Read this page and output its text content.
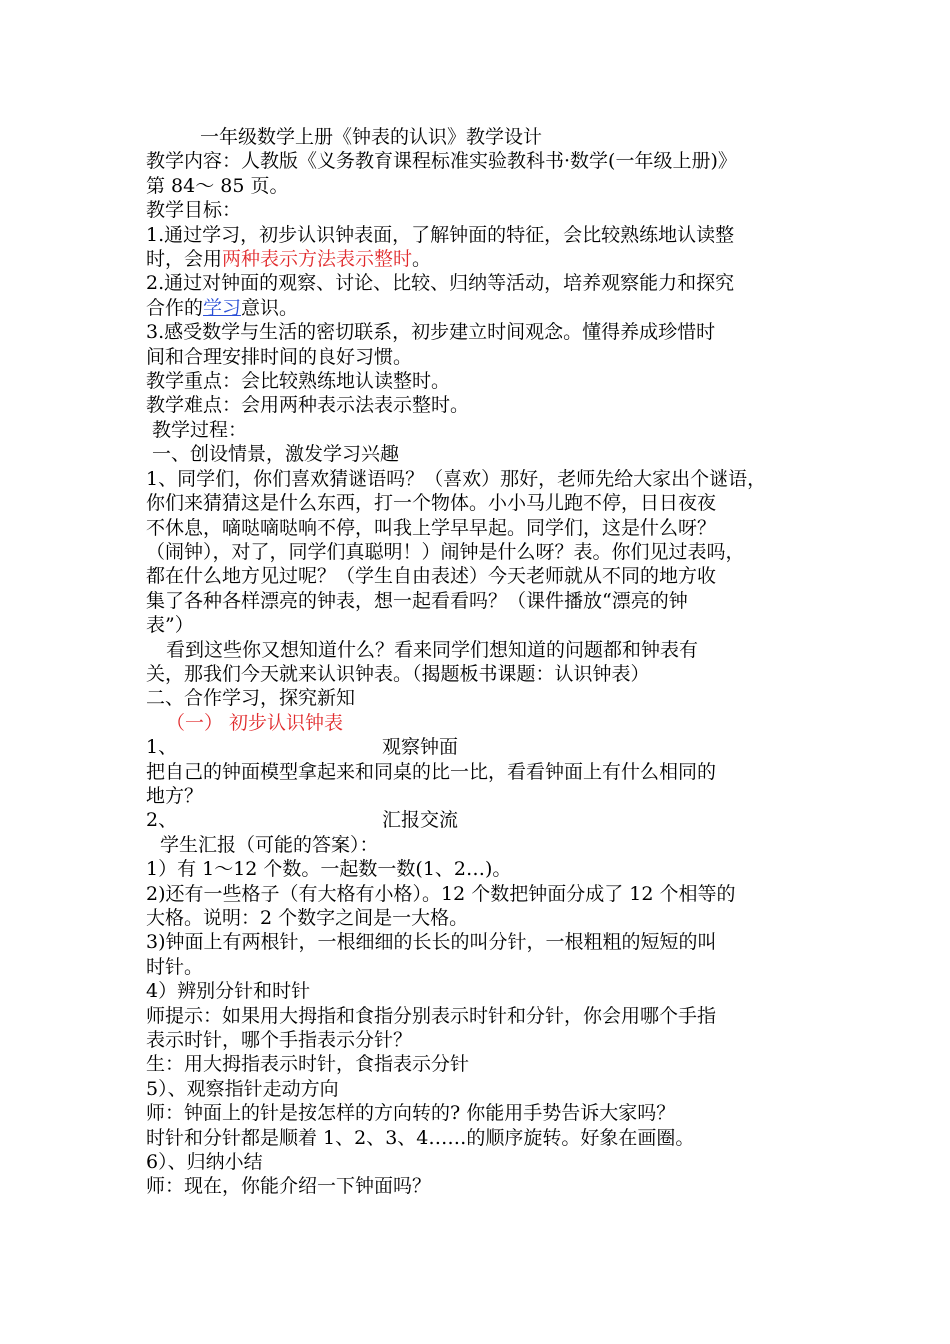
一年级数学上册《钟表的认识》教学设计

教学内容：人教版《义务教育课程标准实验教科书·数学(一年级上册)》

第 84～ 85 页。

教学目标：

1.通过学习，初步认识钟表面，了解钟面的特征，会比较熟练地认读整

时，会用两种表示方法表示整时。

2.通过对钟面的观察、讨论、比较、归纳等活动，培养观察能力和探究

合作的学习意识。

3.感受数学与生活的密切联系，初步建立时间观念。懂得养成珍惜时

间和合理安排时间的良好习惯。

教学重点：会比较熟练地认读整时。

教学难点：会用两种表示法表示整时。

教学过程：

一、创设情景，激发学习兴趣

1、同学们，你们喜欢猜谜语吗？（喜欢）那好，老师先给大家出个谜语，

你们来猜猜这是什么东西，打一个物体。小小马儿跑不停，日日夜夜

不休息，嘀哒嘀哒响不停，叫我上学早早起。同学们，这是什么呀？

（闹钟），对了，同学们真聪明！）闹钟是什么呀？表。你们见过表吗，

都在什么地方见过呢？（学生自由表述）今天老师就从不同的地方收

集了各种各样漂亮的钟表，想一起看看吗？（课件播放“漂亮的钟

表”）

看到这些你又想知道什么？看来同学们想知道的问题都和钟表有

关，那我们今天就来认识钟表。（揭题板书课题：认识钟表）

二、合作学习，探究新知

（一） 初步认识钟表

1、	观察钟面

把自己的钟面模型拿起来和同桌的比一比，看看钟面上有什么相同的

地方？

2、	汇报交流

学生汇报（可能的答案）：

1）有 1～12 个数。一起数一数(1、2…)。

2)还有一些格子（有大格有小格）。12 个数把钟面分成了 12 个相等的

大格。说明：2 个数字之间是一大格。

3)钟面上有两根针，一根细细的长长的叫分针，一根粗粗的短短的叫

时针。

4）辨别分针和时针

师提示：如果用大拇指和食指分别表示时针和分针，你会用哪个手指

表示时针，哪个手指表示分针？

生：用大拇指表示时针，食指表示分针

5）、观察指针走动方向

师：钟面上的针是按怎样的方向转的? 你能用手势告诉大家吗？

时针和分针都是顺着 1、2、3、4……的顺序旋转。好象在画圈。

6）、归纳小结

师：现在，你能介绍一下钟面吗？
